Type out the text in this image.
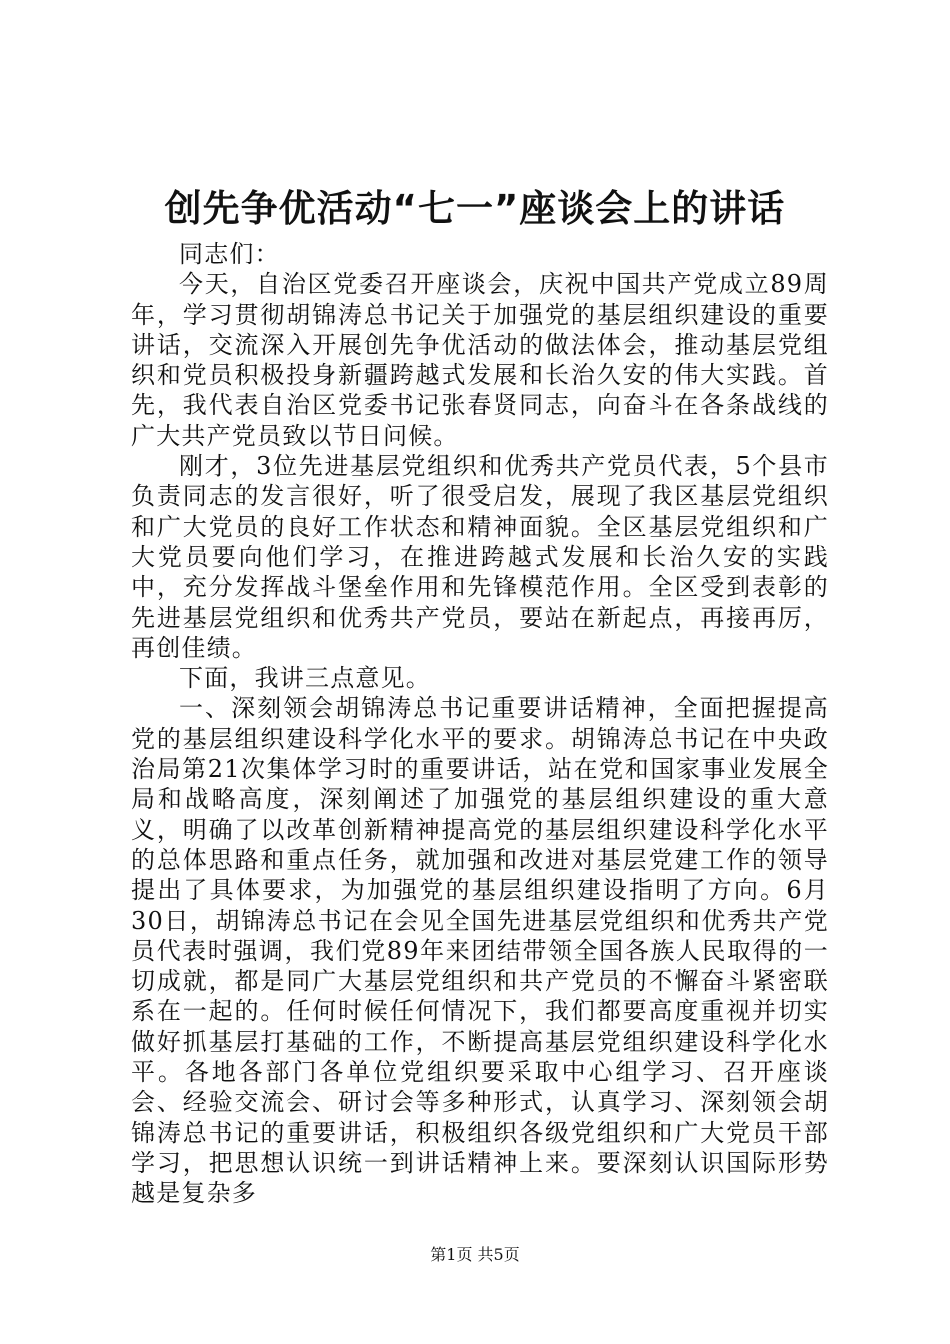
创先争优活动“七一”座谈会上的讲话

同志们：

今天，自治区党委召开座谈会，庆祝中国共产党成立89周年，学习贯彻胡锦涛总书记关于加强党的基层组织建设的重要讲话，交流深入开展创先争优活动的做法体会，推动基层党组织和党员积极投身新疆跨越式发展和长治久安的伟大实践。首先，我代表自治区党委书记张春贤同志，向奋斗在各条战线的广大共产党员致以节日问候。

刚才，3位先进基层党组织和优秀共产党员代表，5个县市负责同志的发言很好，听了很受启发，展现了我区基层党组织和广大党员的良好工作状态和精神面貌。全区基层党组织和广大党员要向他们学习，在推进跨越式发展和长治久安的实践中，充分发挥战斗堡垒作用和先锋模范作用。全区受到表彰的先进基层党组织和优秀共产党员，要站在新起点，再接再厉，再创佳绩。

下面，我讲三点意见。

一、深刻领会胡锦涛总书记重要讲话精神，全面把握提高党的基层组织建设科学化水平的要求。胡锦涛总书记在中央政治局第21次集体学习时的重要讲话，站在党和国家事业发展全局和战略高度，深刻阐述了加强党的基层组织建设的重大意义，明确了以改革创新精神提高党的基层组织建设科学化水平的总体思路和重点任务，就加强和改进对基层党建工作的领导提出了具体要求，为加强党的基层组织建设指明了方向。6月30日，胡锦涛总书记在会见全国先进基层党组织和优秀共产党员代表时强调，我们党89年来团结带领全国各族人民取得的一切成就，都是同广大基层党组织和共产党员的不懈奋斗紧密联系在一起的。任何时候任何情况下，我们都要高度重视并切实做好抓基层打基础的工作，不断提高基层党组织建设科学化水平。各地各部门各单位党组织要采取中心组学习、召开座谈会、经验交流会、研讨会等多种形式，认真学习、深刻领会胡锦涛总书记的重要讲话，积极组织各级党组织和广大党员干部学习，把思想认识统一到讲话精神上来。要深刻认识国际形势越是复杂多

第1页 共5页
